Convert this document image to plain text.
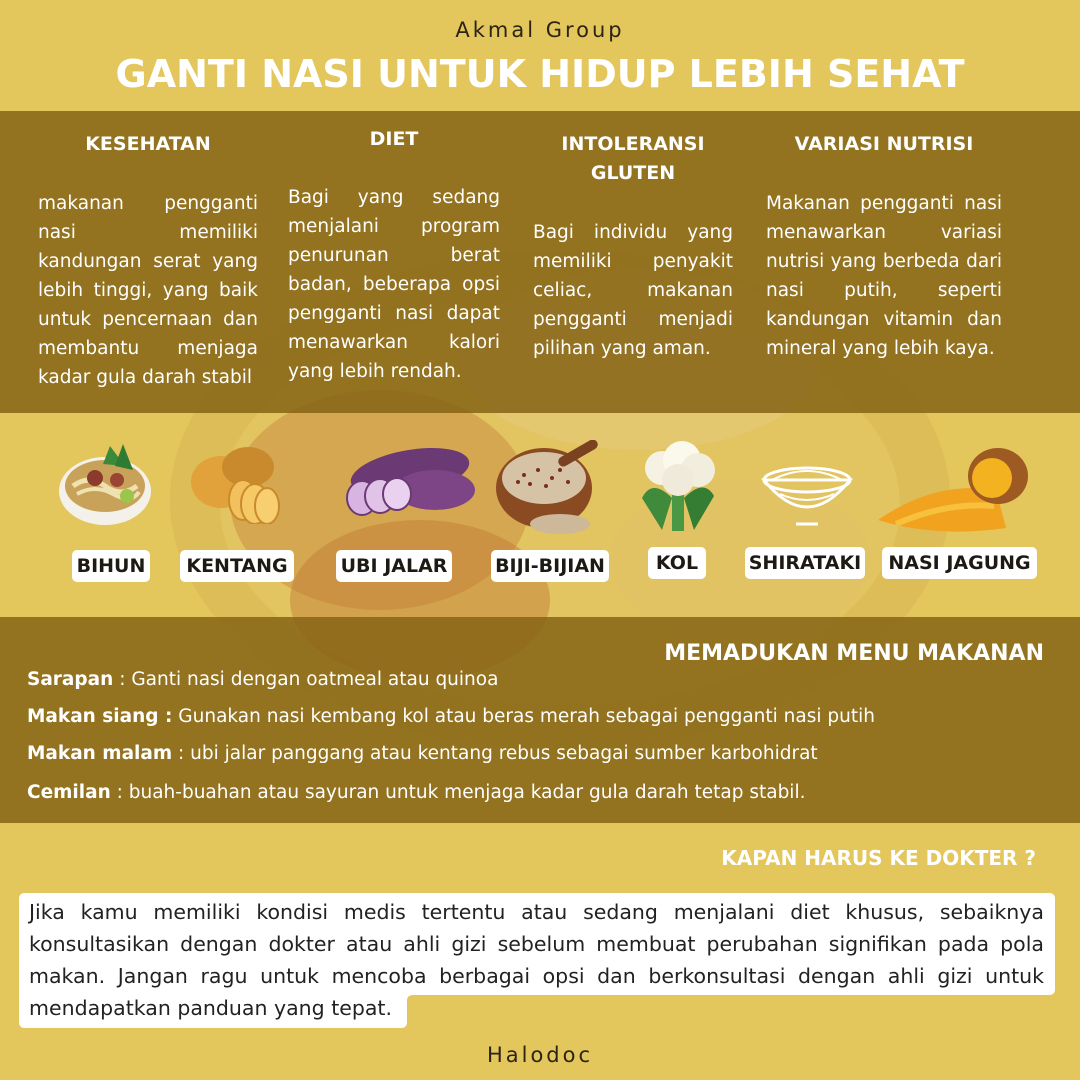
Akmal Group
GANTI NASI UNTUK HIDUP LEBIH SEHAT
KESEHATAN
makanan pengganti nasi memiliki kandungan serat yang lebih tinggi, yang baik untuk pencernaan dan membantu menjaga kadar gula darah stabil
DIET
Bagi yang sedang menjalani program penurunan berat badan, beberapa opsi pengganti nasi dapat menawarkan kalori yang lebih rendah.
INTOLERANSI GLUTEN
Bagi individu yang memiliki penyakit celiac, makanan pengganti menjadi pilihan yang aman.
VARIASI NUTRISI
Makanan pengganti nasi menawarkan variasi nutrisi yang berbeda dari nasi putih, seperti kandungan vitamin dan mineral yang lebih kaya.
BIHUN	KENTANG	UBI JALAR	BIJI-BIJIAN	KOL	SHIRATAKI	NASI JAGUNG
MEMADUKAN MENU MAKANAN
Sarapan : Ganti nasi dengan oatmeal atau quinoa
Makan siang : Gunakan nasi kembang kol atau beras merah sebagai pengganti nasi putih
Makan malam : ubi jalar panggang atau kentang rebus sebagai sumber karbohidrat
Cemilan : buah-buahan atau sayuran untuk menjaga kadar gula darah tetap stabil.
KAPAN HARUS KE DOKTER ?
Jika kamu memiliki kondisi medis tertentu atau sedang menjalani diet khusus, sebaiknya konsultasikan dengan dokter atau ahli gizi sebelum membuat perubahan signifikan pada pola makan. Jangan ragu untuk mencoba berbagai opsi dan berkonsultasi dengan ahli gizi untuk mendapatkan panduan yang tepat.
Halodoc
